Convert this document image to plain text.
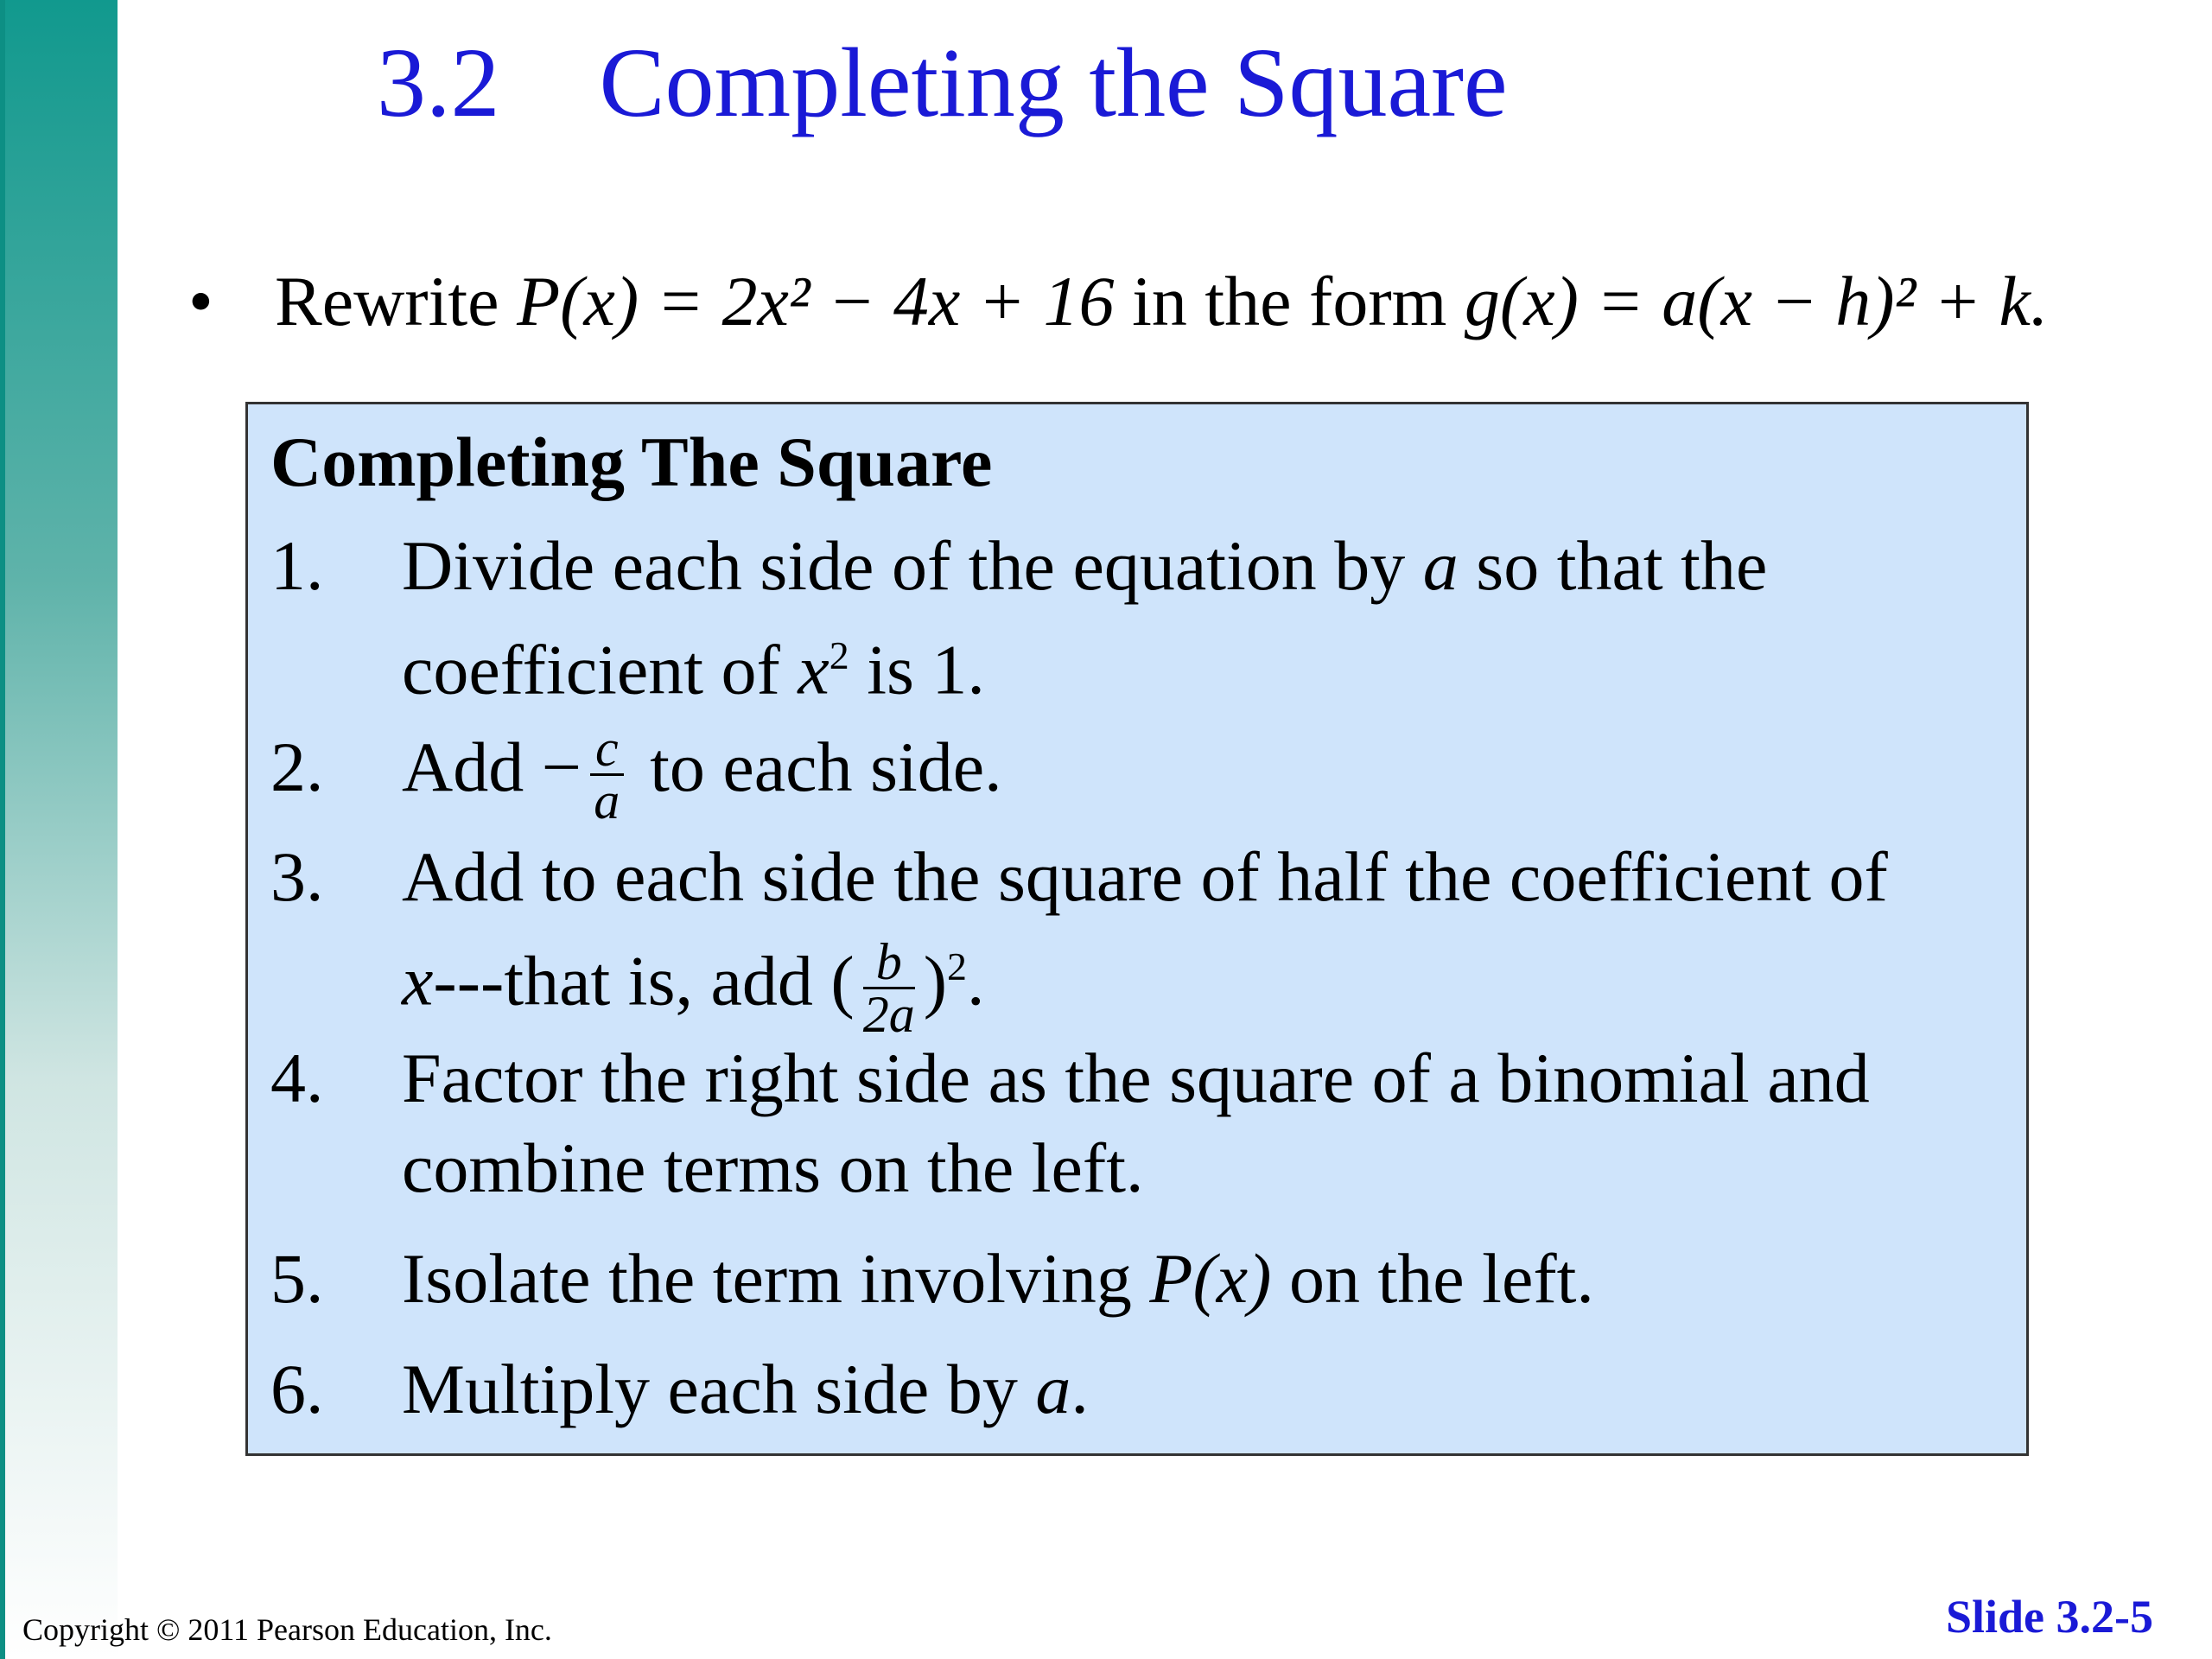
3.2 Completing the Square
• Rewrite P(x) = 2x² − 4x + 16 in the form g(x) = a(x − h)² + k.
Completing The Square
1.	Divide each side of the equation by a so that the
coefficient of $x^2$ is 1.
2.	Add − $\frac{c}{a}$ to each side.
3.	Add to each side the square of half the coefficient of
x---that is, add ( $\frac{b}{2a} )^2$.
4.	Factor the right side as the square of a binomial and
combine terms on the left.
5.	Isolate the term involving P(x) on the left.
6.	Multiply each side by a.
Copyright © 2011 Pearson Education, Inc.	Slide 3.2-5
